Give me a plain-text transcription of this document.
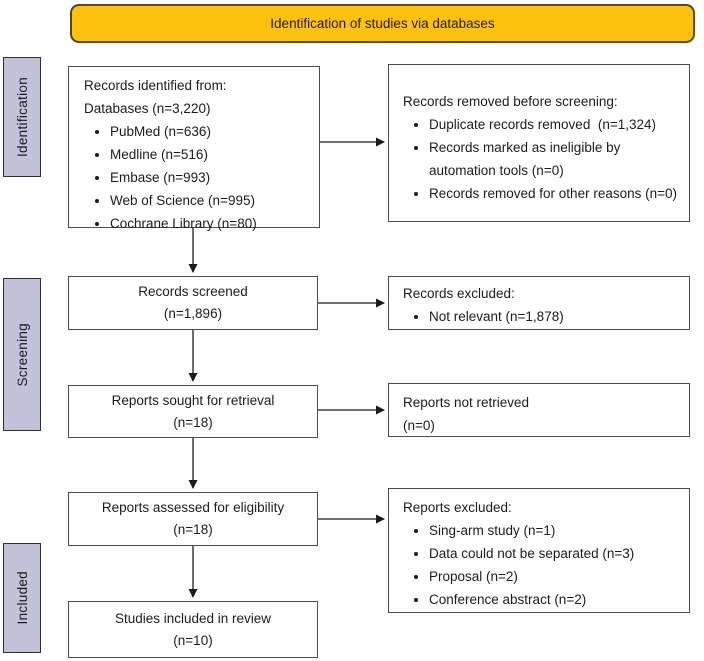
Identification of studies via databases
Identification
Screening
Included
Records identified from:
Databases (n=3,220)
• PubMed (n=636)
• Medline (n=516)
• Embase (n=993)
• Web of Science (n=995)
• Cochrane Library (n=80)
Records removed before screening:
• Duplicate records removed  (n=1,324)
• Records marked as ineligible by automation tools (n=0)
• Records removed for other reasons (n=0)
Records screened
(n=1,896)
Records excluded:
• Not relevant (n=1,878)
Reports sought for retrieval
(n=18)
Reports not retrieved
(n=0)
Reports assessed for eligibility
(n=18)
Reports excluded:
• Sing-arm study (n=1)
• Data could not be separated (n=3)
• Proposal (n=2)
• Conference abstract (n=2)
Studies included in review
(n=10)
